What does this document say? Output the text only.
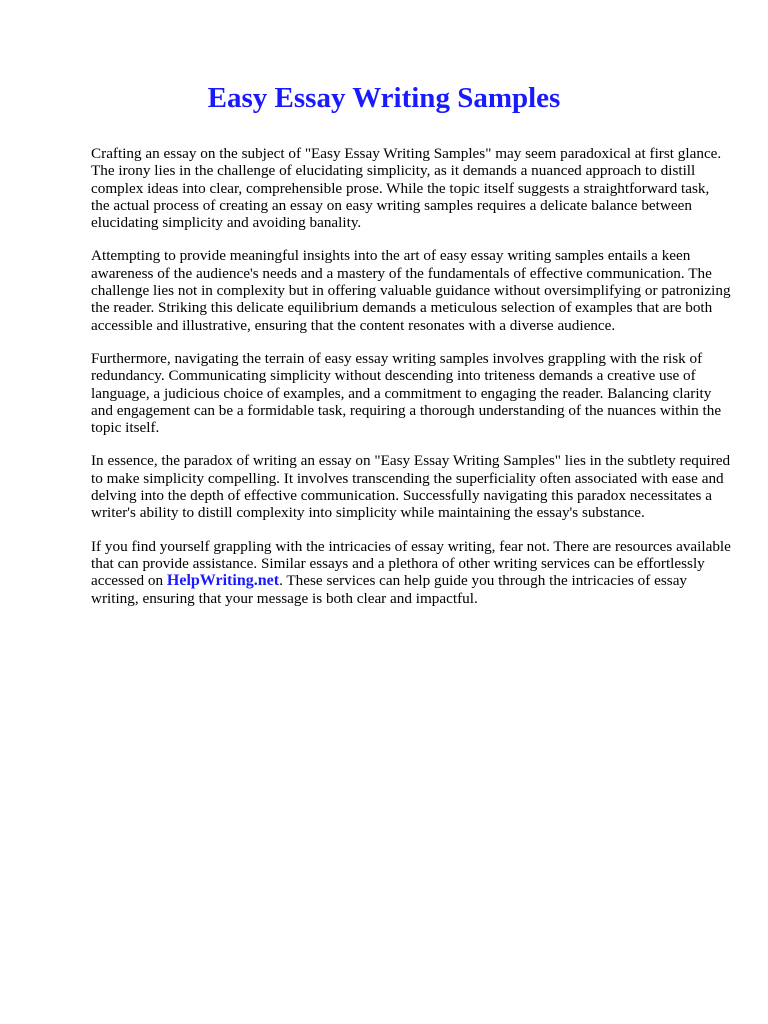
Easy Essay Writing Samples

Crafting an essay on the subject of "Easy Essay Writing Samples" may seem paradoxical at first glance. The irony lies in the challenge of elucidating simplicity, as it demands a nuanced approach to distill complex ideas into clear, comprehensible prose. While the topic itself suggests a straightforward task, the actual process of creating an essay on easy writing samples requires a delicate balance between elucidating simplicity and avoiding banality.

Attempting to provide meaningful insights into the art of easy essay writing samples entails a keen awareness of the audience's needs and a mastery of the fundamentals of effective communication. The challenge lies not in complexity but in offering valuable guidance without oversimplifying or patronizing the reader. Striking this delicate equilibrium demands a meticulous selection of examples that are both accessible and illustrative, ensuring that the content resonates with a diverse audience.

Furthermore, navigating the terrain of easy essay writing samples involves grappling with the risk of redundancy. Communicating simplicity without descending into triteness demands a creative use of language, a judicious choice of examples, and a commitment to engaging the reader. Balancing clarity and engagement can be a formidable task, requiring a thorough understanding of the nuances within the topic itself.

In essence, the paradox of writing an essay on "Easy Essay Writing Samples" lies in the subtlety required to make simplicity compelling. It involves transcending the superficiality often associated with ease and delving into the depth of effective communication. Successfully navigating this paradox necessitates a writer's ability to distill complexity into simplicity while maintaining the essay's substance.

If you find yourself grappling with the intricacies of essay writing, fear not. There are resources available that can provide assistance. Similar essays and a plethora of other writing services can be effortlessly accessed on HelpWriting.net. These services can help guide you through the intricacies of essay writing, ensuring that your message is both clear and impactful.
